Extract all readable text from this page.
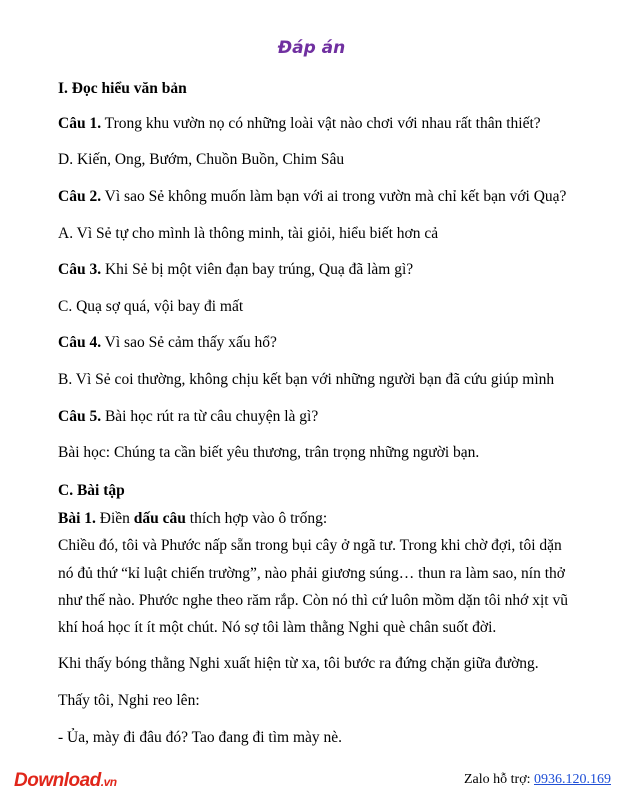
Đáp án
I. Đọc hiểu văn bản
Câu 1. Trong khu vườn nọ có những loài vật nào chơi với nhau rất thân thiết?
D. Kiến, Ong, Bướm, Chuồn Buồn, Chim Sâu
Câu 2. Vì sao Sẻ không muốn làm bạn với ai trong vườn mà chỉ kết bạn với Quạ?
A. Vì Sẻ tự cho mình là thông minh, tài giỏi, hiểu biết hơn cả
Câu 3. Khi Sẻ bị một viên đạn bay trúng, Quạ đã làm gì?
C. Quạ sợ quá, vội bay đi mất
Câu 4. Vì sao Sẻ cảm thấy xấu hổ?
B. Vì Sẻ coi thường, không chịu kết bạn với những người bạn đã cứu giúp mình
Câu 5. Bài học rút ra từ câu chuyện là gì?
Bài học: Chúng ta cần biết yêu thương, trân trọng những người bạn.
C. Bài tập
Bài 1. Điền dấu câu thích hợp vào ô trống:
Chiều đó, tôi và Phước nấp sẵn trong bụi cây ở ngã tư. Trong khi chờ đợi, tôi dặn
nó đủ thứ “kỉ luật chiến trường”, nào phải giương súng… thun ra làm sao, nín thở
như thế nào. Phước nghe theo răm rắp. Còn nó thì cứ luôn mồm dặn tôi nhớ xịt vũ
khí hoá học ít ít một chút. Nó sợ tôi làm thằng Nghi què chân suốt đời.
Khi thấy bóng thằng Nghi xuất hiện từ xa, tôi bước ra đứng chặn giữa đường.
Thấy tôi, Nghi reo lên:
- Ủa, mày đi đâu đó? Tao đang đi tìm mày nè.
Download.vn	Zalo hỗ trợ: 0936.120.169
